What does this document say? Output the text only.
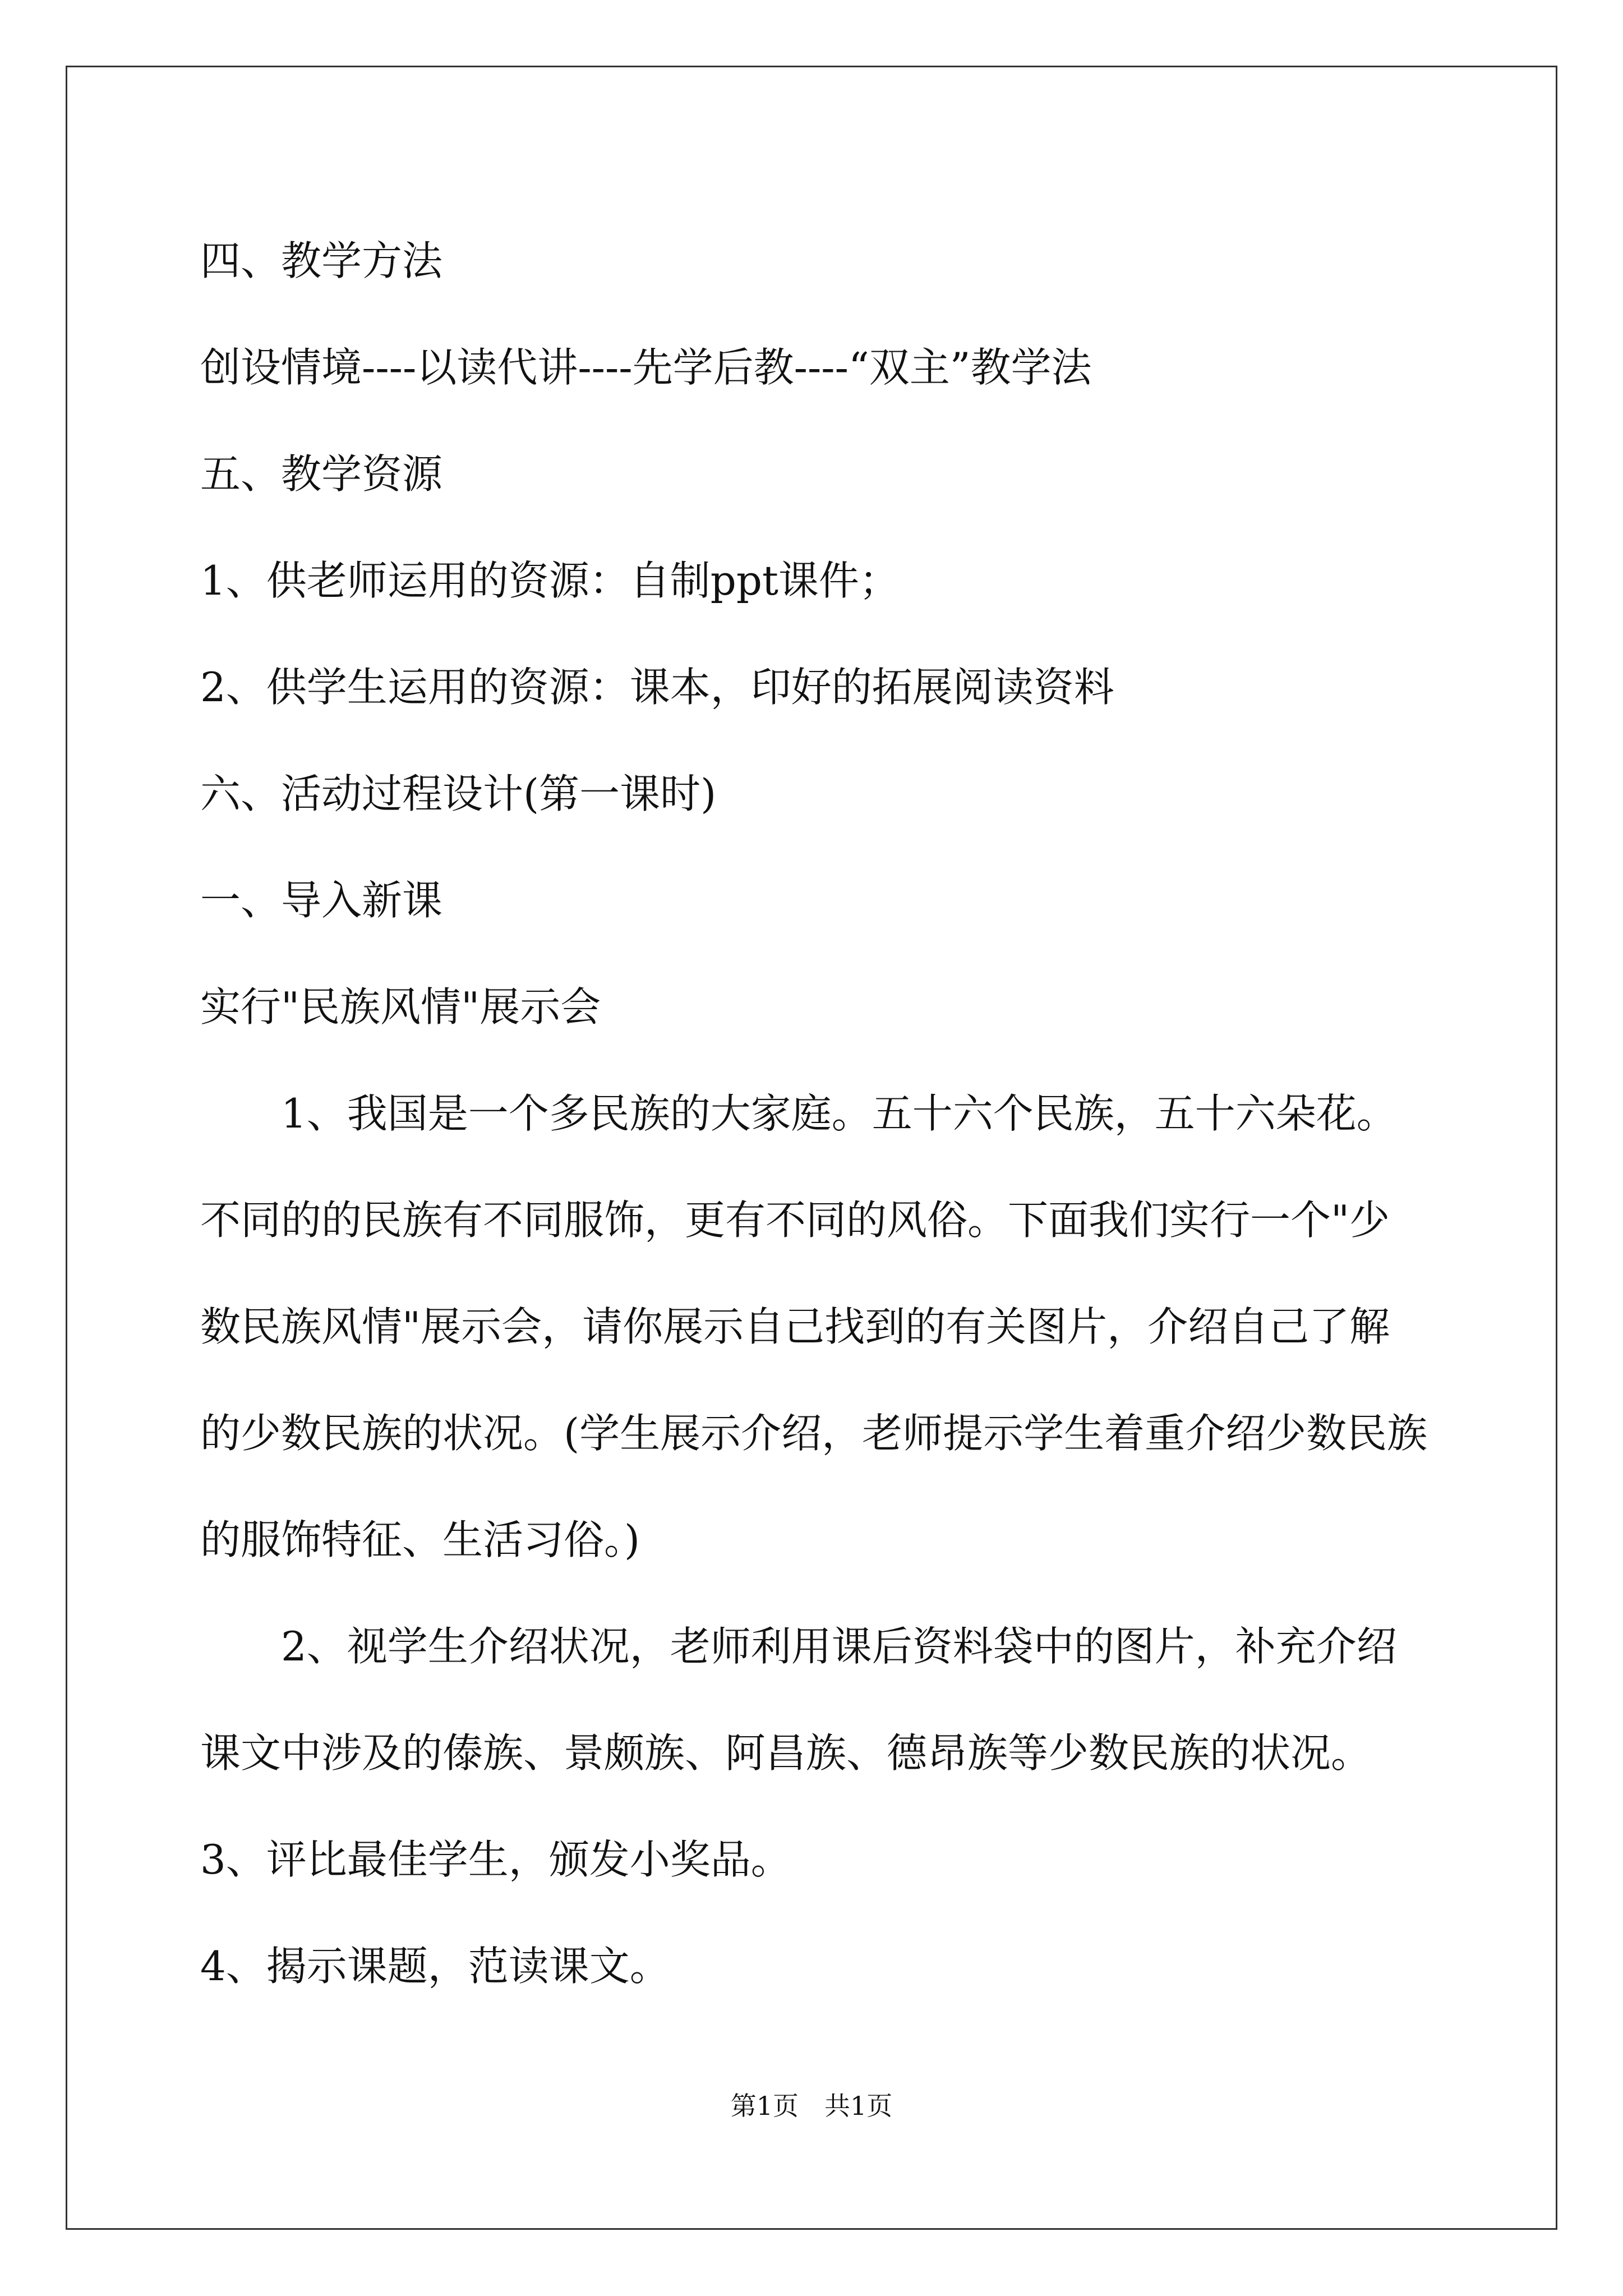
四、教学方法

创设情境----以读代讲----先学后教----“双主”教学法

五、教学资源

1、供老师运用的资源：自制ppt课件；

2、供学生运用的资源：课本，印好的拓展阅读资料

六、活动过程设计(第一课时)

一、导入新课

实行"民族风情"展示会

1、我国是一个多民族的大家庭。五十六个民族，五十六朵花。不同的的民族有不同服饰，更有不同的风俗。下面我们实行一个"少数民族风情"展示会，请你展示自己找到的有关图片，介绍自己了解的少数民族的状况。(学生展示介绍，老师提示学生着重介绍少数民族的服饰特征、生活习俗。)

2、视学生介绍状况，老师利用课后资料袋中的图片，补充介绍课文中涉及的傣族、景颇族、阿昌族、德昂族等少数民族的状况。

3、评比最佳学生，颁发小奖品。

4、揭示课题，范读课文。

第1页　共1页
